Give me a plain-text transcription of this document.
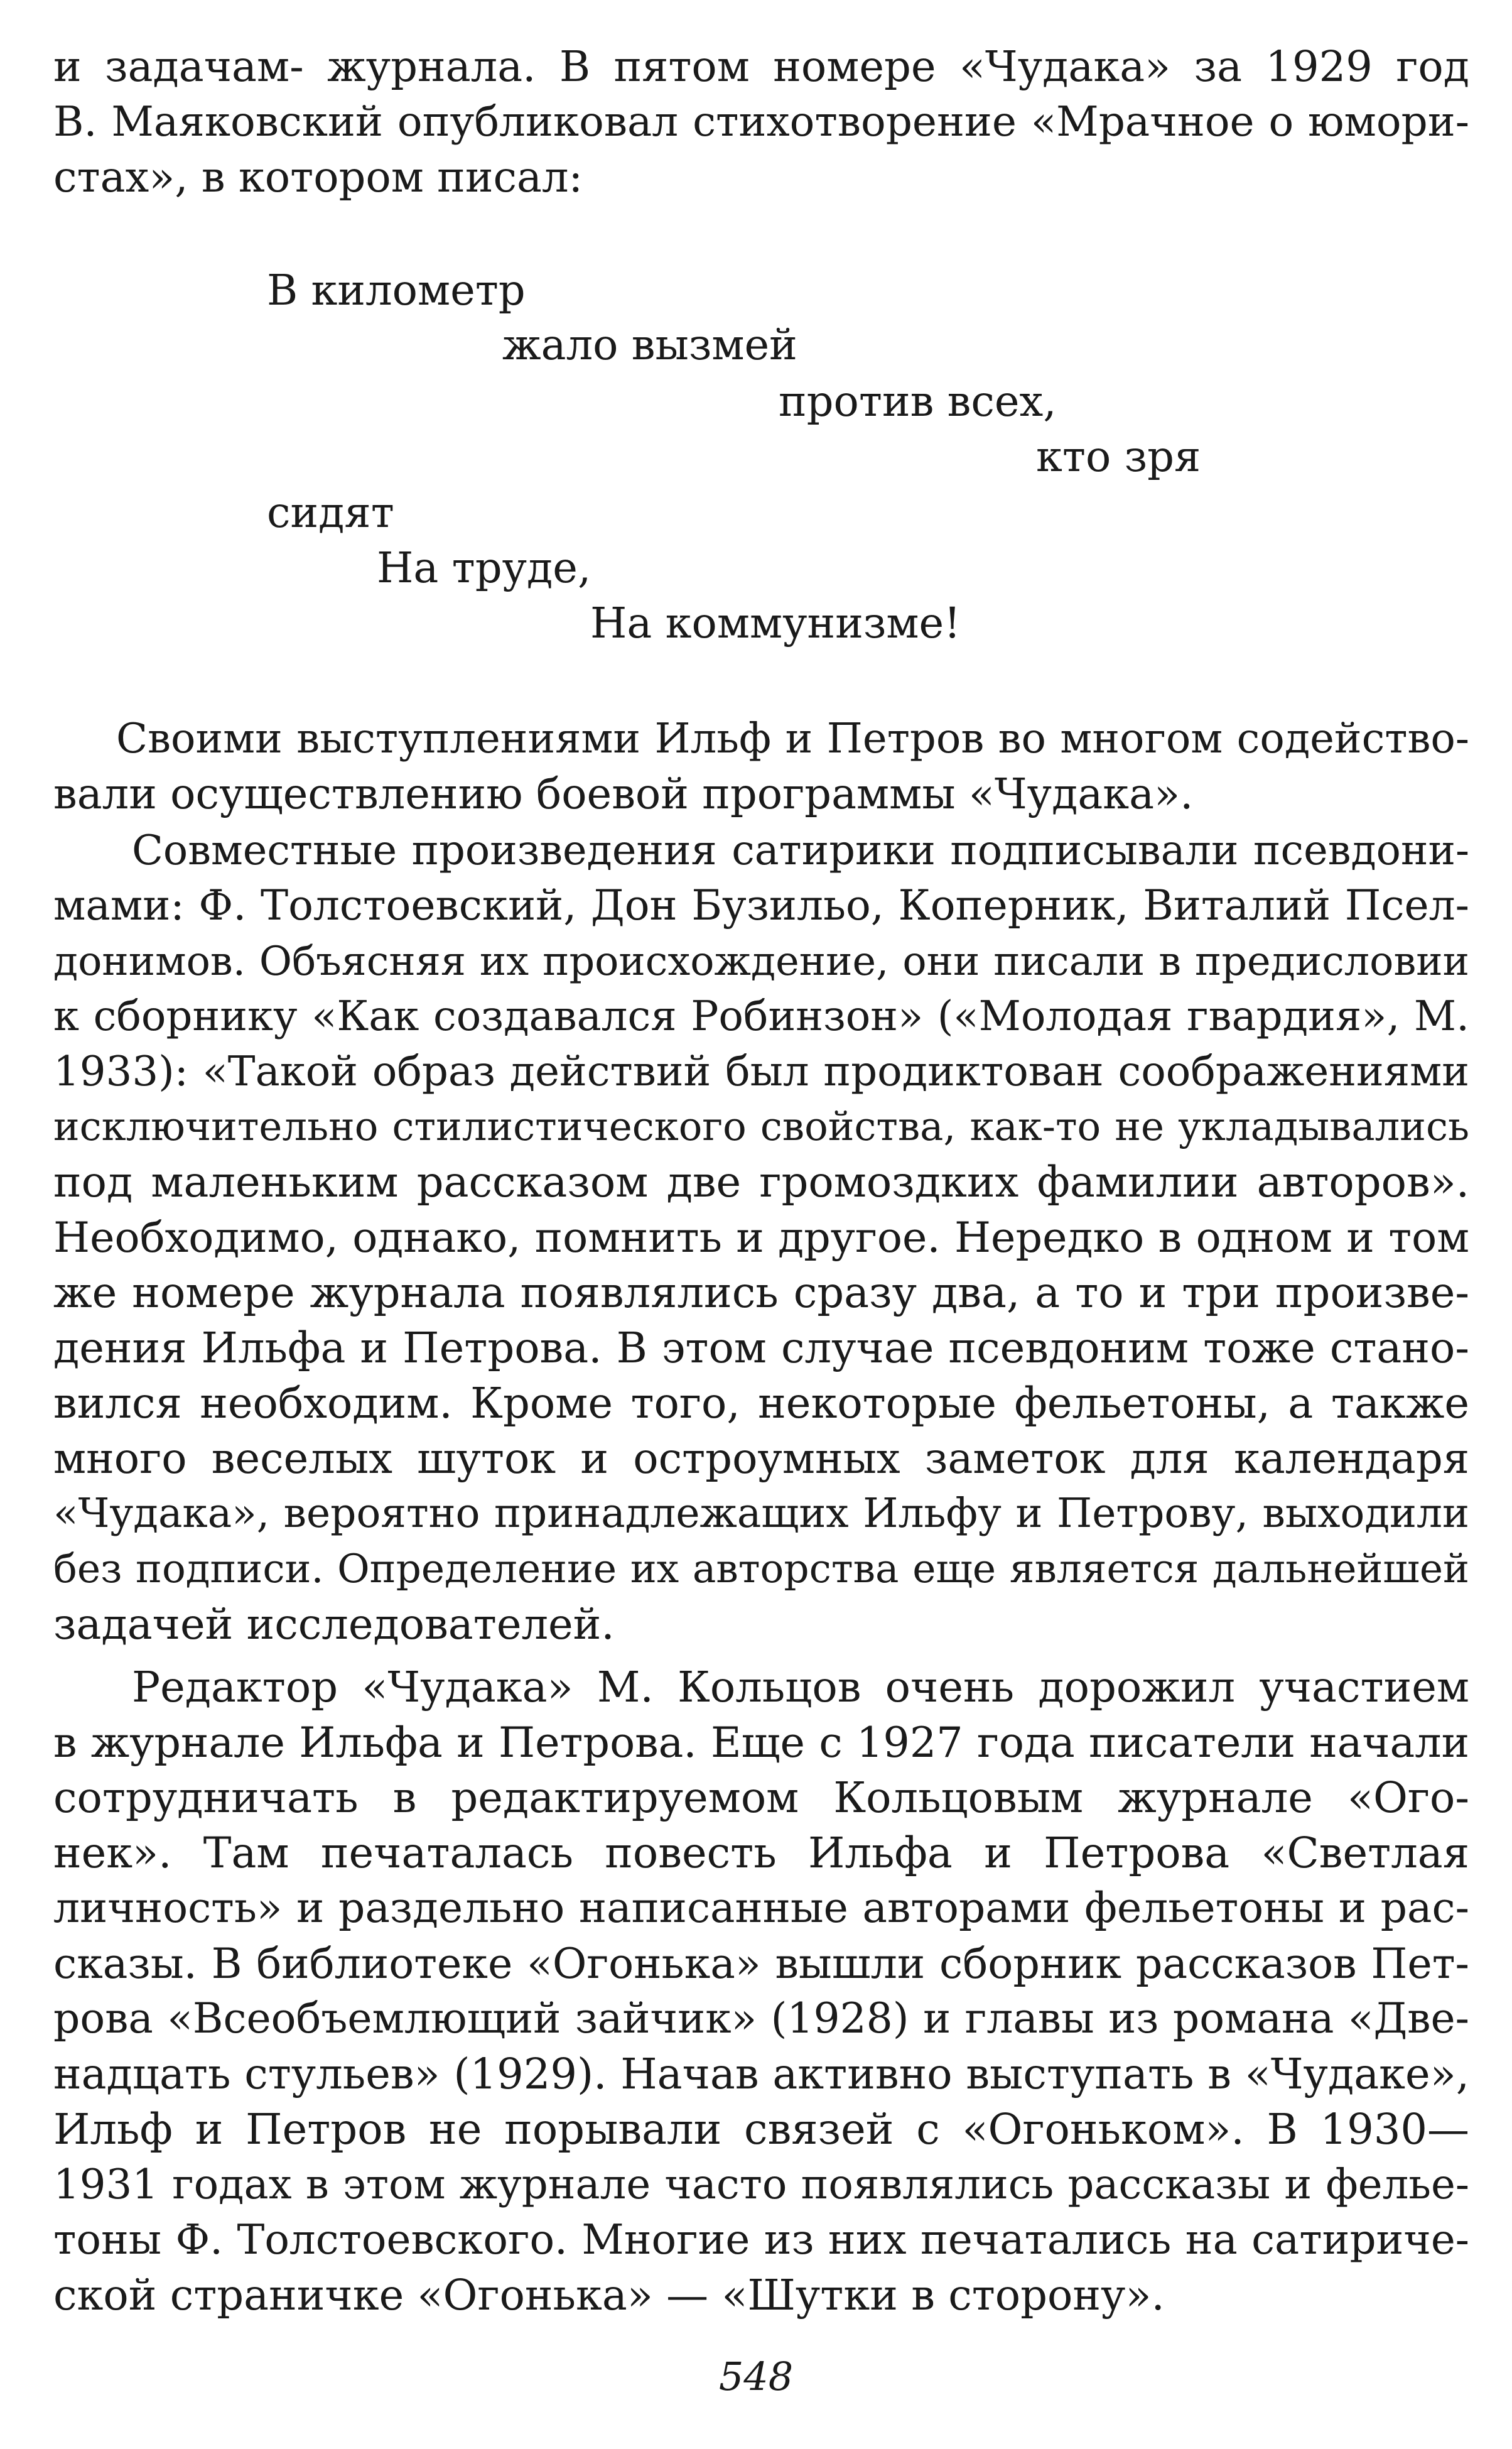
и задачам- журнала. В пятом номере «Чудака» за 1929 год
В. Маяковский опубликовал стихотворение «Мрачное о юмори-
стах», в котором писал:
В километр
жало вызмей
против всех,
кто зря
сидят
На труде,
На коммунизме!
Своими выступлениями Ильф и Петров во многом содейство-
вали осуществлению боевой программы «Чудака».
Совместные произведения сатирики подписывали псевдони-
мами: Ф. Толстоевский, Дон Бузильо, Коперник, Виталий Псел-
донимов. Объясняя их происхождение, они писали в предисловии
к сборнику «Как создавался Робинзон» («Молодая гвардия», М.
1933): «Такой образ действий был продиктован соображениями
исключительно стилистического свойства, как-то не укладывались
под маленьким рассказом две громоздких фамилии авторов».
Необходимо, однако, помнить и другое. Нередко в одном и том
же номере журнала появлялись сразу два, а то и три произве-
дения Ильфа и Петрова. В этом случае псевдоним тоже стано-
вился необходим. Кроме того, некоторые фельетоны, а также
много веселых шуток и остроумных заметок для календаря
«Чудака», вероятно принадлежащих Ильфу и Петрову, выходили
без подписи. Определение их авторства еще является дальнейшей
задачей исследователей.
Редактор «Чудака» М. Кольцов очень дорожил участием
в журнале Ильфа и Петрова. Еще с 1927 года писатели начали
сотрудничать в редактируемом Кольцовым журнале «Ого-
нек». Там печаталась повесть Ильфа и Петрова «Светлая
личность» и раздельно написанные авторами фельетоны и рас-
сказы. В библиотеке «Огонька» вышли сборник рассказов Пет-
рова «Всеобъемлющий зайчик» (1928) и главы из романа «Две-
надцать стульев» (1929). Начав активно выступать в «Чудаке»,
Ильф и Петров не порывали связей с «Огоньком». В 1930—
1931 годах в этом журнале часто появлялись рассказы и фелье-
тоны Ф. Толстоевского. Многие из них печатались на сатириче-
ской страничке «Огонька» — «Шутки в сторону».
548
